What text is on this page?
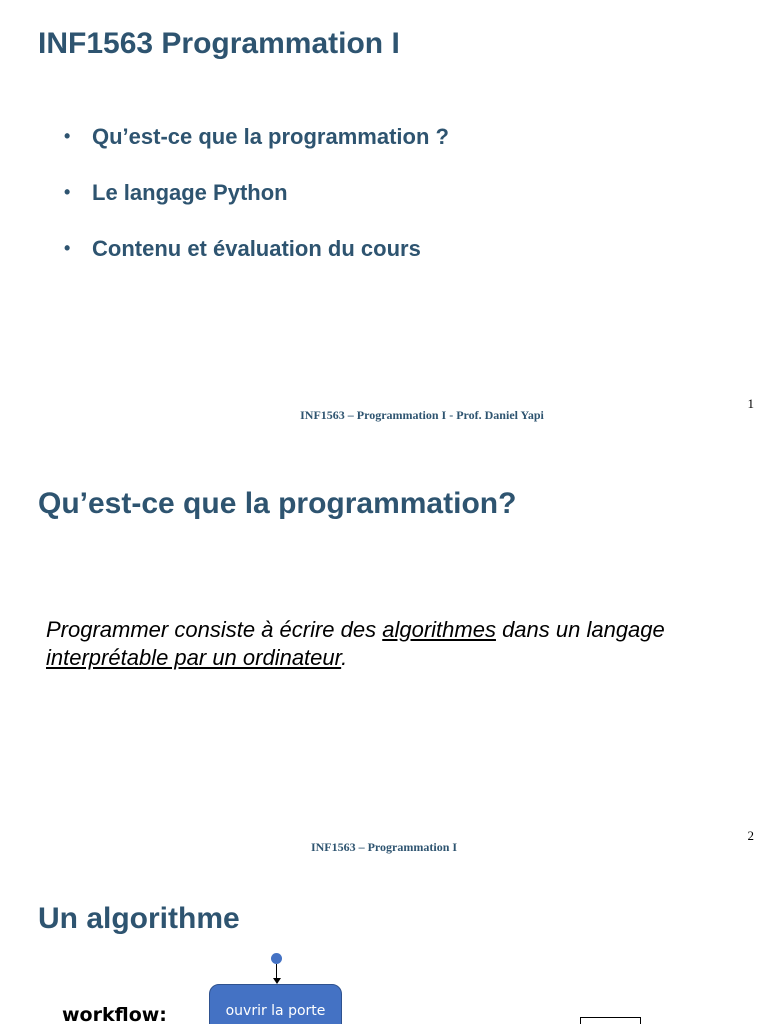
INF1563 Programmation I
• Qu’est-ce que la programmation ?
• Le langage Python
• Contenu et évaluation du cours
INF1563 – Programmation I - Prof. Daniel Yapi
1
Qu’est-ce que la programmation?

Programmer consiste à écrire des algorithmes dans un langage interprétable par un ordinateur.

INF1563 – Programmation I
2
Un algorithme
workflow:	ouvrir la porte
